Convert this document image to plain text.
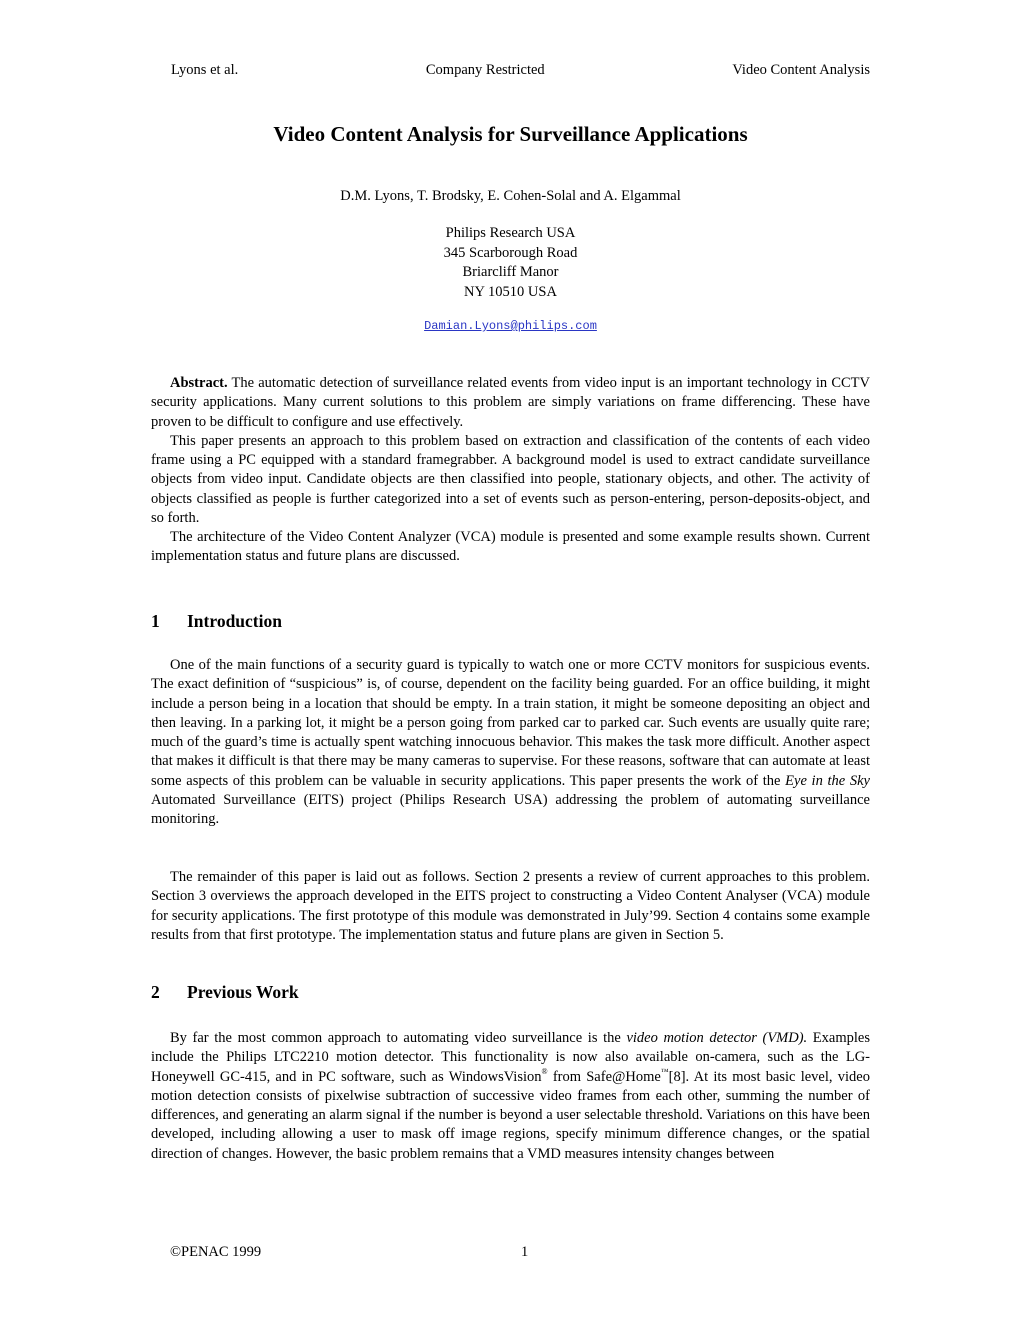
Lyons et al.	Company Restricted	Video Content Analysis
Video Content Analysis for Surveillance Applications
D.M. Lyons, T. Brodsky, E. Cohen-Solal and A. Elgammal
Philips Research USA
345 Scarborough Road
Briarcliff Manor
NY 10510 USA
Damian.Lyons@philips.com

Abstract. The automatic detection of surveillance related events from video input is an important technology in CCTV security applications. Many current solutions to this problem are simply variations on frame differencing. These have proven to be difficult to configure and use effectively.

This paper presents an approach to this problem based on extraction and classification of the contents of each video frame using a PC equipped with a standard framegrabber. A background model is used to extract candidate surveillance objects from video input. Candidate objects are then classified into people, stationary objects, and other. The activity of objects classified as people is further categorized into a set of events such as person-entering, person-deposits-object, and so forth.

The architecture of the Video Content Analyzer (VCA) module is presented and some example results shown. Current implementation status and future plans are discussed.

1 Introduction

One of the main functions of a security guard is typically to watch one or more CCTV monitors for suspicious events. The exact definition of “suspicious” is, of course, dependent on the facility being guarded. For an office building, it might include a person being in a location that should be empty. In a train station, it might be someone depositing an object and then leaving. In a parking lot, it might be a person going from parked car to parked car. Such events are usually quite rare; much of the guard’s time is actually spent watching innocuous behavior. This makes the task more difficult. Another aspect that makes it difficult is that there may be many cameras to supervise. For these reasons, software that can automate at least some aspects of this problem can be valuable in security applications. This paper presents the work of the Eye in the Sky Automated Surveillance (EITS) project (Philips Research USA) addressing the problem of automating surveillance monitoring.

The remainder of this paper is laid out as follows. Section 2 presents a review of current approaches to this problem. Section 3 overviews the approach developed in the EITS project to constructing a Video Content Analyser (VCA) module for security applications. The first prototype of this module was demonstrated in July’99. Section 4 contains some example results from that first prototype. The implementation status and future plans are given in Section 5.

2 Previous Work

By far the most common approach to automating video surveillance is the video motion detector (VMD). Examples include the Philips LTC2210 motion detector. This functionality is now also available on-camera, such as the LG-Honeywell GC-415, and in PC software, such as WindowsVision® from Safe@Home™[8]. At its most basic level, video motion detection consists of pixelwise subtraction of successive video frames from each other, summing the number of differences, and generating an alarm signal if the number is beyond a user selectable threshold. Variations on this have been developed, including allowing a user to mask off image regions, specify minimum difference changes, or the spatial direction of changes. However, the basic problem remains that a VMD measures intensity changes between

©PENAC 1999	1
